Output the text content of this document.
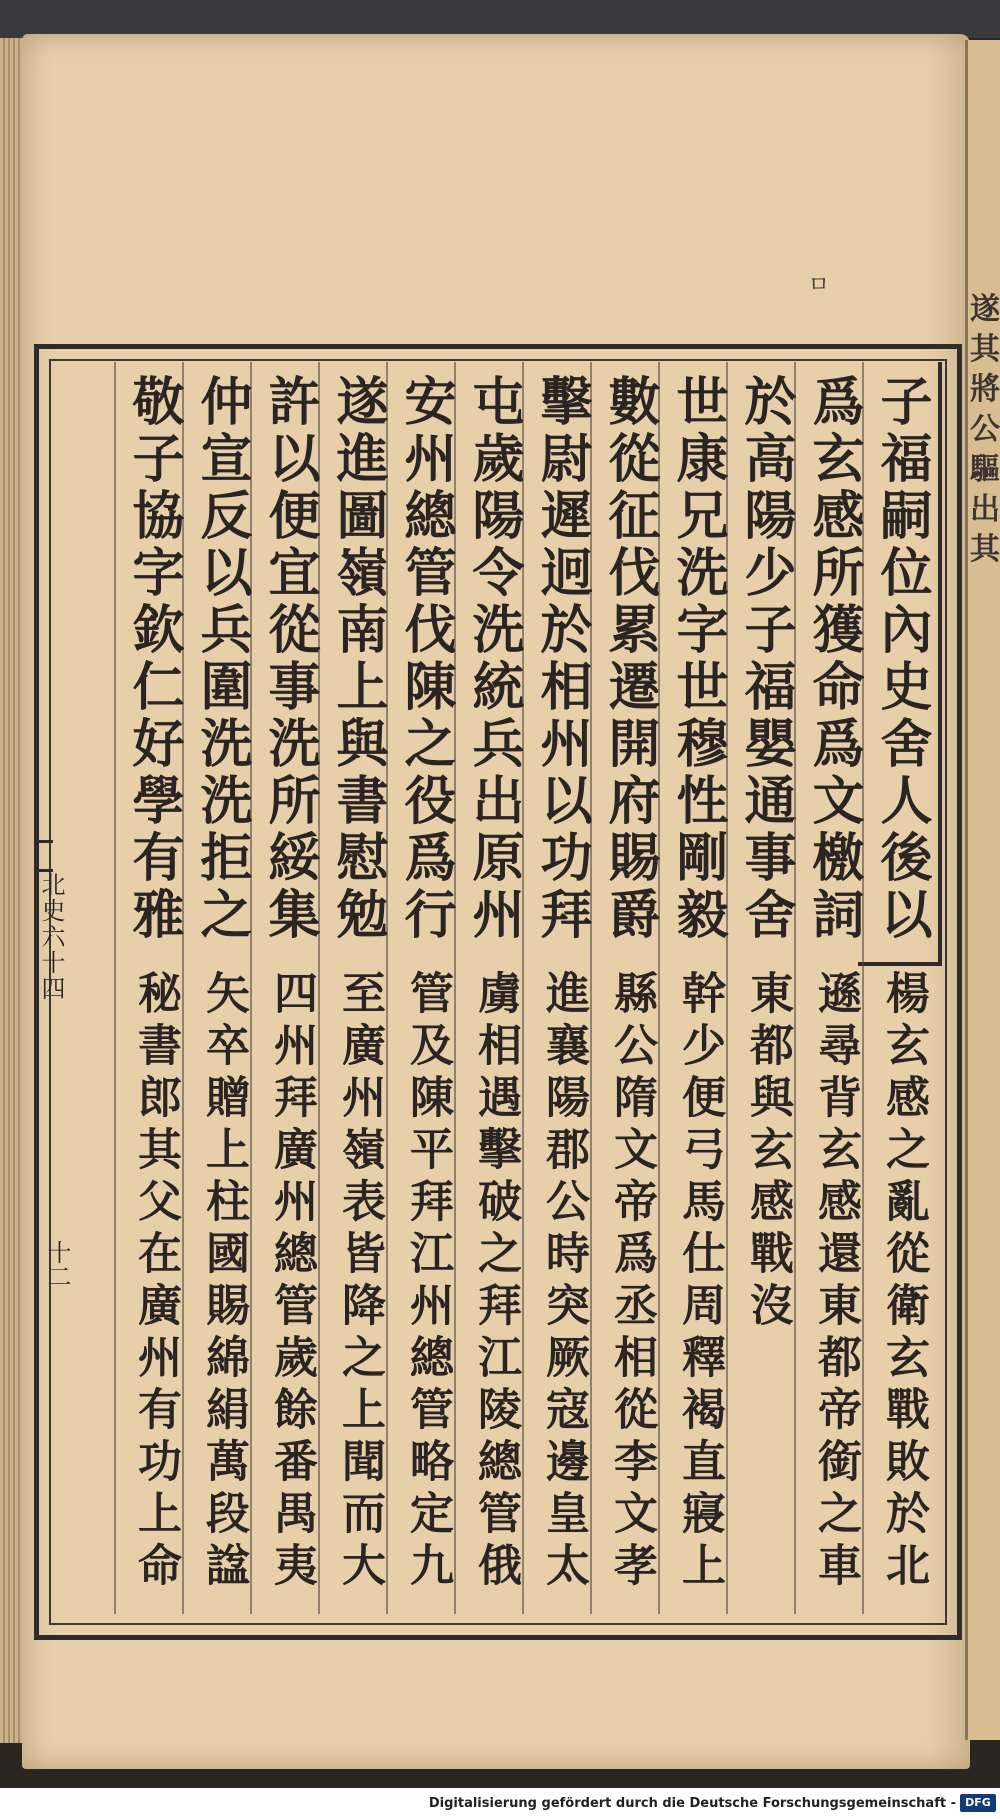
遂其將公驅出其
ㅁ
子福嗣位內史舍人後以
爲玄感所獲命爲文檄詞
於高陽少子福嬰通事舍
世康兄洗字世穆性剛毅
數從征伐累遷開府賜爵
擊尉遲迥於相州以功拜
屯歲陽令洗統兵出原州
安州總管伐陳之役爲行
遂進圖嶺南上與書慰勉
許以便宜從事洗所綏集
仲宣反以兵圍洗洗拒之
敬子協字欽仁好學有雅
楊玄感之亂從衛玄戰敗於北
遜尋背玄感還東都帝銜之車
東都與玄感戰沒
幹少便弓馬仕周釋褐直寢上
縣公隋文帝爲丞相從李文孝
進襄陽郡公時突厥寇邊皇太
虜相遇擊破之拜江陵總管俄
管及陳平拜江州總管略定九
至廣州嶺表皆降之上聞而大
四州拜廣州總管歲餘番禺夷
矢卒贈上柱國賜綿絹萬段諡
秘書郎其父在廣州有功上命
北史六十四
十二
Digitalisierung gefördert durch die Deutsche Forschungsgemeinschaft - DFG
